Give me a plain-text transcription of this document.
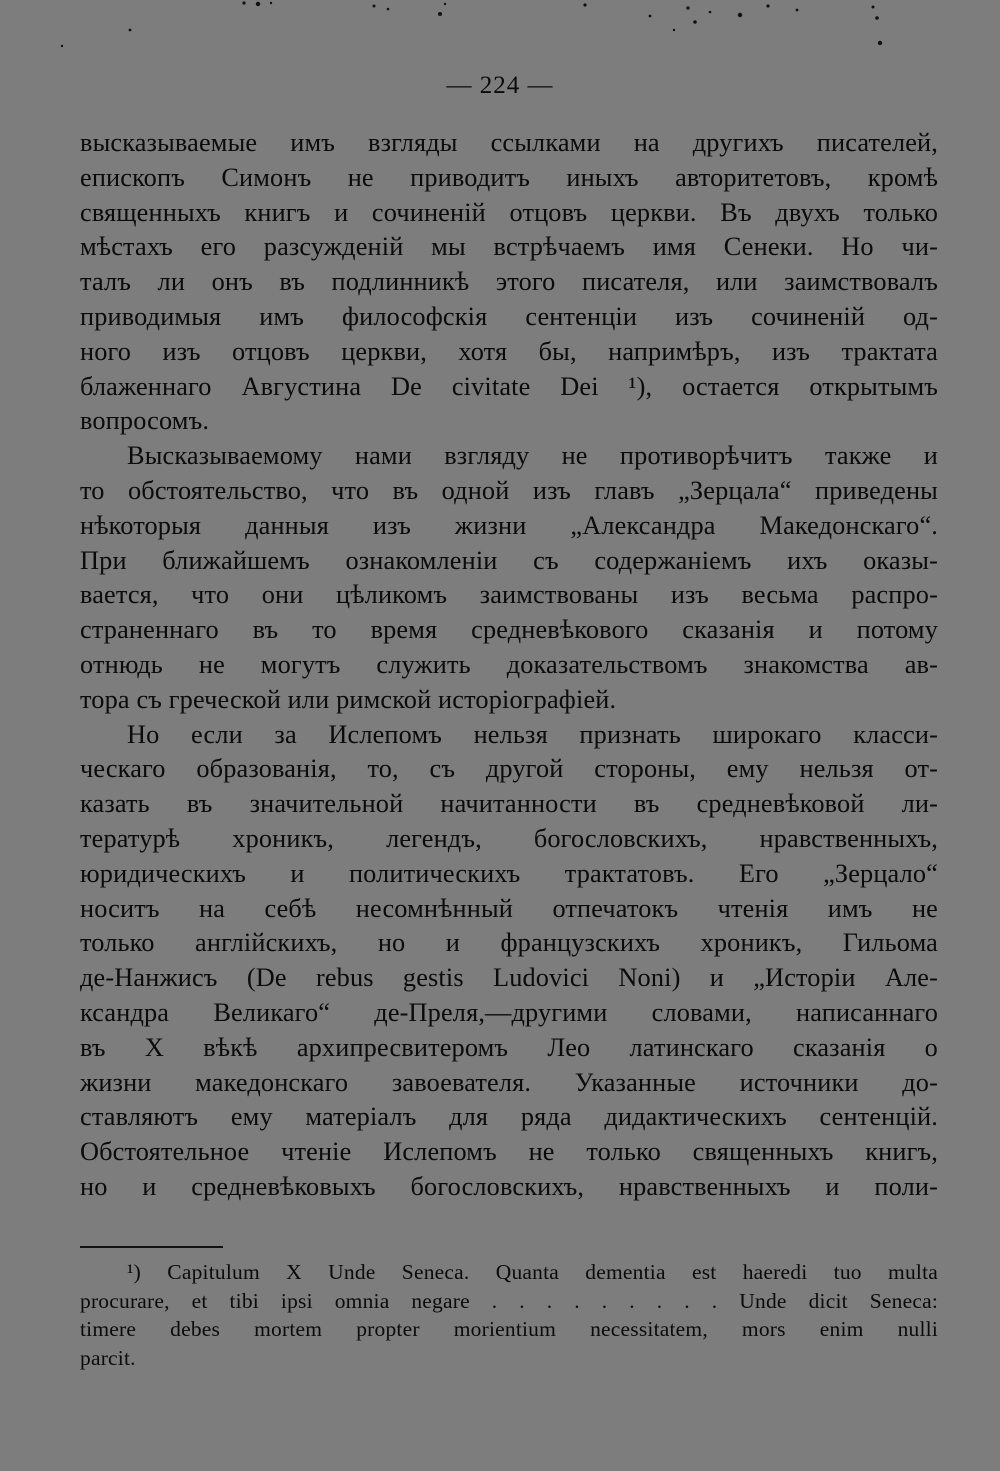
— 224 —
высказываемые имъ взгляды ссылками на другихъ писателей,
епископъ Симонъ не приводитъ иныхъ авторитетовъ, кромѣ
священныхъ книгъ и сочиненій отцовъ церкви. Въ двухъ только
мѣстахъ его разсужденій мы встрѣчаемъ имя Сенеки. Но чи-
талъ ли онъ въ подлинникѣ этого писателя, или заимствовалъ
приводимыя имъ философскія сентенціи изъ сочиненій од-
ного изъ отцовъ церкви, хотя бы, напримѣръ, изъ трактата
блаженнаго Августина De civitate Dei ¹), остается открытымъ
вопросомъ.
Высказываемому нами взгляду не противорѣчитъ также и
то обстоятельство, что въ одной изъ главъ „Зерцала“ приведены
нѣкоторыя данныя изъ жизни „Александра Македонскаго“.
При ближайшемъ ознакомленіи съ содержаніемъ ихъ оказы-
вается, что они цѣликомъ заимствованы изъ весьма распро-
страненнаго въ то время средневѣкового сказанія и потому
отнюдь не могутъ служить доказательствомъ знакомства ав-
тора съ греческой или римской исторіографіей.
Но если за Ислепомъ нельзя признать широкаго класси-
ческаго образованія, то, съ другой стороны, ему нельзя от-
казать въ значительной начитанности въ средневѣковой ли-
тературѣ хроникъ, легендъ, богословскихъ, нравственныхъ,
юридическихъ и политическихъ трактатовъ. Его „Зерцало“
носитъ на себѣ несомнѣнный отпечатокъ чтенія имъ не
только англійскихъ, но и французскихъ хроникъ, Гильома
де-Нанжисъ (De rebus gestis Ludovici Noni) и „Исторіи Але-
ксандра Великаго“ де-Преля,—другими словами, написаннаго
въ X вѣкѣ архипресвитеромъ Лео латинскаго сказанія о
жизни македонскаго завоевателя. Указанные источники до-
ставляютъ ему матеріалъ для ряда дидактическихъ сентенцій.
Обстоятельное чтеніе Ислепомъ не только священныхъ книгъ,
но и средневѣковыхъ богословскихъ, нравственныхъ и поли-
¹) Capitulum X Unde Seneca. Quanta dementia est haeredi tuo multa
procurare, et tibi ipsi omnia negare . . . . . . . . . Unde dicit Seneca:
timere debes mortem propter morientium necessitatem, mors enim nulli
parcit.
